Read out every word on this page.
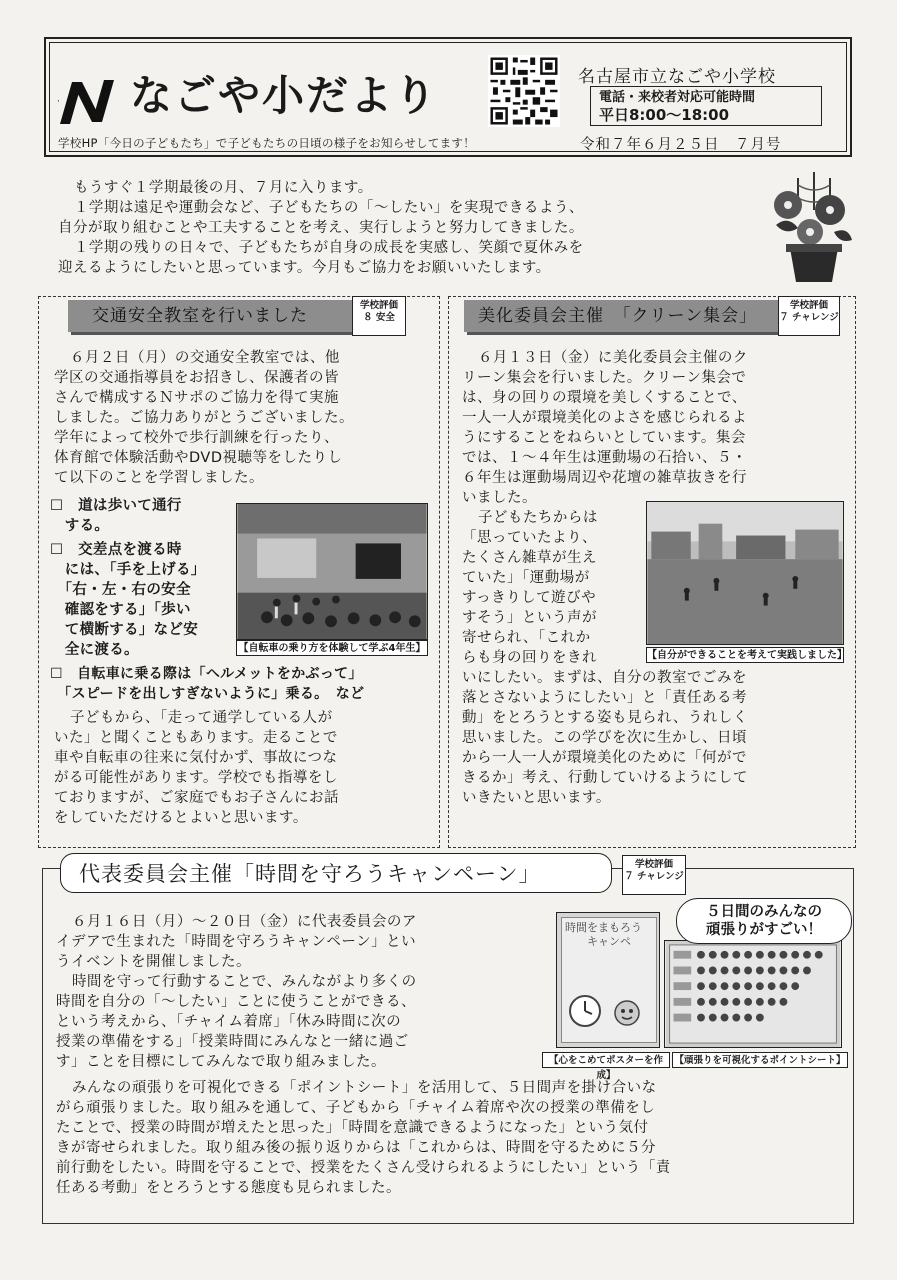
なごや小だより	名古屋市立なごや小学校
電話・来校者対応可能時間
平日8:00～18:00
学校HP「今日の子どもたち」で子どもたちの日頃の様子をお知らせしてます！	令和７年６月２５日　７月号

もうすぐ１学期最後の月、７月に入ります。

１学期は遠足や運動会など、子どもたちの「～したい」を実現できるよう、

自分が取り組むことや工夫することを考え、実行しようと努力してきました。

１学期の残りの日々で、子どもたちが自身の成長を実感し、笑顔で夏休みを

迎えるようにしたいと思っています。今月もご協力をお願いいたします。

交通安全教室を行いました
学校評価
８ 安全

６月２日（月）の交通安全教室では、他

学区の交通指導員をお招きし、保護者の皆

さんで構成するＮサポのご協力を得て実施

しました。ご協力ありがとうございました。

学年によって校外で歩行訓練を行ったり、

体育館で体験活動やDVD視聴等をしたりし

て以下のことを学習しました。

☐　道は歩いて通行
　する。
☐　交差点を渡る時
　には、「手を上げる」
　「右・左・右の安全
　確認をする」「歩い
　て横断する」など安
　全に渡る。	【自転車の乗り方を体験して学ぶ4年生】
☐　自転車に乗る際は「ヘルメットをかぶって」
　「スピードを出しすぎないように」乗る。　など

子どもから、「走って通学している人が

いた」と聞くこともあります。走ることで

車や自転車の往来に気付かず、事故につな

がる可能性があります。学校でも指導をし

ておりますが、ご家庭でもお子さんにお話

をしていただけるとよいと思います。

美化委員会主催　「クリーン集会」
学校評価
７ チャレンジ

６月１３日（金）に美化委員会主催のク

リーン集会を行いました。クリーン集会で

は、身の回りの環境を美しくすることで、

一人一人が環境美化のよさを感じられるよ

うにすることをねらいとしています。集会

では、１～４年生は運動場の石拾い、５・

６年生は運動場周辺や花壇の雑草抜きを行

いました。

子どもたちからは

「思っていたより、

たくさん雑草が生え

ていた」「運動場が

すっきりして遊びや

すそう」という声が

寄せられ、「これか

らも身の回りをきれ	【自分ができることを考えて実践しました】

いにしたい。まずは、自分の教室でごみを

落とさないようにしたい」と「責任ある考

動」をとろうとする姿も見られ、うれしく

思いました。この学びを次に生かし、日頃

から一人一人が環境美化のために「何がで

きるか」考え、行動していけるようにして

いきたいと思います。

代表委員会主催「時間を守ろうキャンペーン」	学校評価
７ チャレンジ

６月１６日（月）～２０日（金）に代表委員会のア

イデアで生まれた「時間を守ろうキャンペーン」とい

うイベントを開催しました。

時間を守って行動することで、みんながより多くの

時間を自分の「～したい」ことに使うことができる、

という考えから、「チャイム着席」「休み時間に次の

授業の準備をする」「授業時間にみんなと一緒に過ご

す」ことを目標にしてみんなで取り組みました。

時間をまもろう
キャンペ
５日間のみんなの
頑張りがすごい！
【心をこめてポスターを作成】
【頑張りを可視化するポイントシート】

みんなの頑張りを可視化できる「ポイントシート」を活用して、５日間声を掛け合いな

がら頑張りました。取り組みを通して、子どもから「チャイム着席や次の授業の準備をし

たことで、授業の時間が増えたと思った」「時間を意識できるようになった」という気付

きが寄せられました。取り組み後の振り返りからは「これからは、時間を守るために５分

前行動をしたい。時間を守ることで、授業をたくさん受けられるようにしたい」という「責

任ある考動」をとろうとする態度も見られました。
